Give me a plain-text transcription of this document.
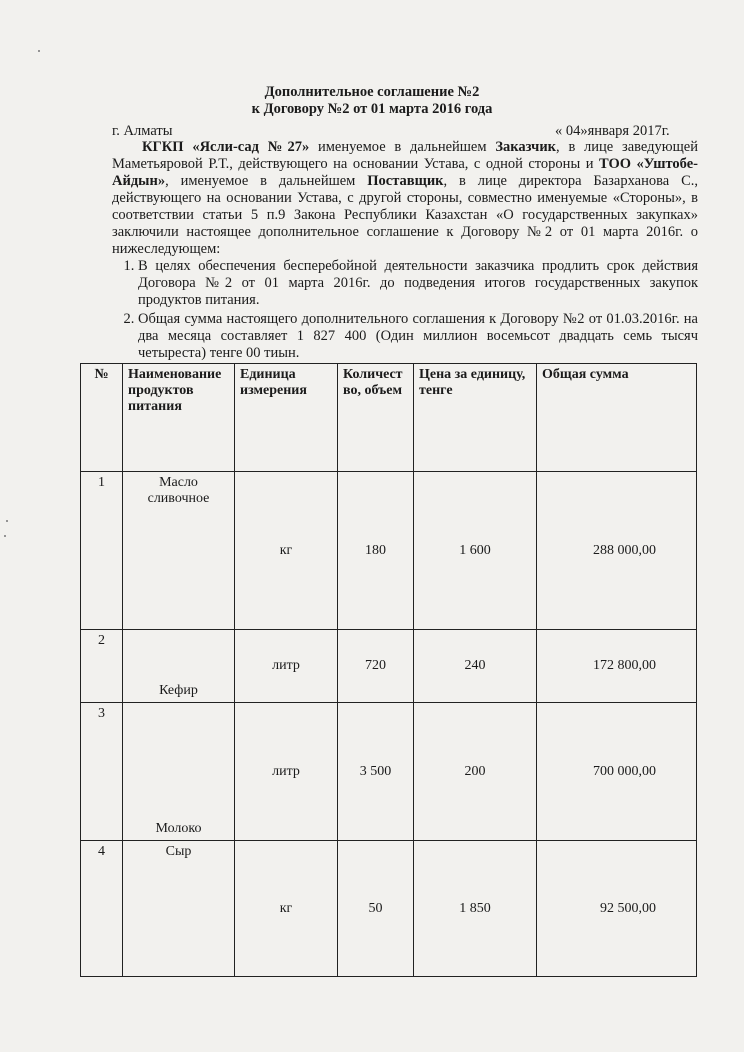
Дополнительное соглашение №2
к Договору №2 от 01 марта 2016 года
г. Алматы	« 04»января 2017г.

КГКП «Ясли-сад №27» именуемое в дальнейшем Заказчик, в лице заведующей Маметьяровой Р.Т., действующего на основании Устава, с одной стороны и ТОО «Уштобе-Айдын», именуемое в дальнейшем Поставщик, в лице директора Базарханова С., действующего на основании Устава, с другой стороны, совместно именуемые «Стороны», в соответствии статьи 5 п.9 Закона Республики Казахстан «О государственных закупках» заключили настоящее дополнительное соглашение к Договору №2 от 01 марта 2016г. о нижеследующем:

1. В целях обеспечения бесперебойной деятельности заказчика продлить срок действия Договора №2 от 01 марта 2016г. до подведения итогов государственных закупок продуктов питания.
2. Общая сумма настоящего дополнительного соглашения к Договору №2 от 01.03.2016г. на два месяца составляет 1 827 400 (Один миллион восемьсот двадцать семь тысяч четыреста) тенге 00 тиын.
№	Наименование продуктов питания	Единица измерения	Количест во, объем	Цена за единицу, тенге	Общая сумма
1	Масло сливочное	кг	180	1 600	288 000,00
2	Кефир	литр	720	240	172 800,00
3	Молоко	литр	3 500	200	700 000,00
4	Сыр	кг	50	1 850	92 500,00
